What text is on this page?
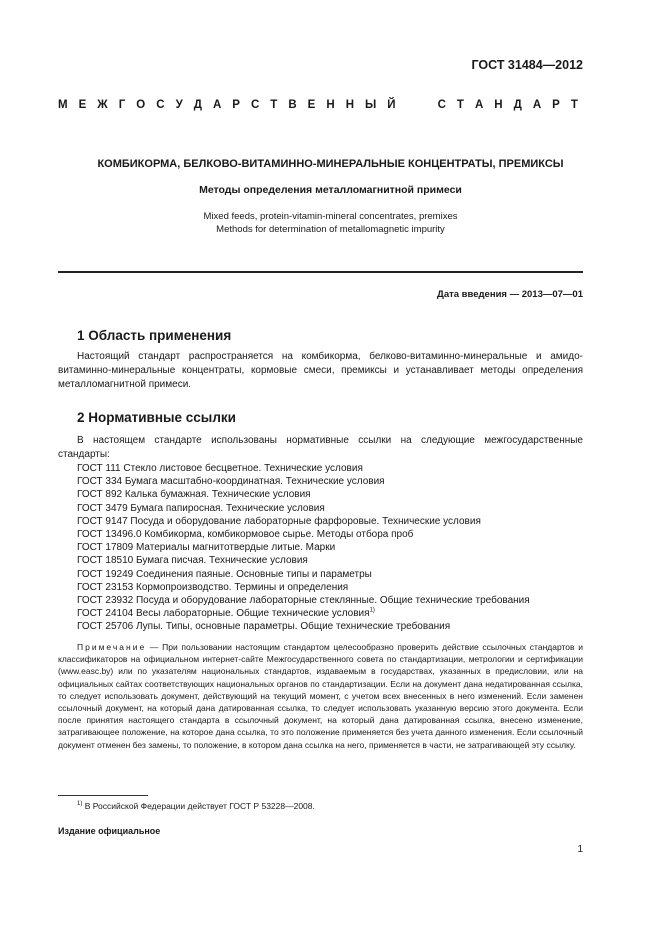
ГОСТ 31484—2012
М Е Ж Г О С У Д А Р С Т В Е Н Н Ы Й	С Т А Н Д А Р Т
КОМБИКОРМА, БЕЛКОВО-ВИТАМИННО-МИНЕРАЛЬНЫЕ КОНЦЕНТРАТЫ, ПРЕМИКСЫ
Методы определения металломагнитной примеси
Mixed feeds, protein-vitamin-mineral concentrates, premixes
Methods for determination of metallomagnetic impurity
Дата введения — 2013—07—01
1 Область применения

Настоящий стандарт распространяется на комбикорма, белково-витаминно-минеральные и амидо-витаминно-минеральные концентраты, кормовые смеси, премиксы и устанавливает методы определения металломагнитной примеси.

2 Нормативные ссылки

В настоящем стандарте использованы нормативные ссылки на следующие межгосударственные стандарты:

ГОСТ 111 Стекло листовое бесцветное. Технические условия
ГОСТ 334 Бумага масштабно-координатная. Технические условия
ГОСТ 892 Калька бумажная. Технические условия
ГОСТ 3479 Бумага папиросная. Технические условия
ГОСТ 9147 Посуда и оборудование лабораторные фарфоровые. Технические условия
ГОСТ 13496.0 Комбикорма, комбикормовое сырье. Методы отбора проб
ГОСТ 17809 Материалы магнитотвердые литые. Марки
ГОСТ 18510 Бумага писчая. Технические условия
ГОСТ 19249 Соединения паяные. Основные типы и параметры
ГОСТ 23153 Кормопроизводство. Термины и определения
ГОСТ 23932 Посуда и оборудование лабораторные стеклянные. Общие технические требования
ГОСТ 24104 Весы лабораторные. Общие технические условия$^{1)}$
ГОСТ 25706 Лупы. Типы, основные параметры. Общие технические требования

Примечание — При пользовании настоящим стандартом целесообразно проверить действие ссылочных стандартов и классификаторов на официальном интернет-сайте Межгосударственного совета по стандартизации, метрологии и сертификации (www.easc.by) или по указателям национальных стандартов, издаваемым в государствах, указанных в предисловии, или на официальных сайтах соответствующих национальных органов по стандартизации. Если на документ дана недатированная ссылка, то следует использовать документ, действующий на текущий момент, с учетом всех внесенных в него изменений. Если заменен ссылочный документ, на который дана датированная ссылка, то следует использовать указанную версию этого документа. Если после принятия настоящего стандарта в ссылочный документ, на который дана датированная ссылка, внесено изменение, затрагивающее положение, на которое дана ссылка, то это положение применяется без учета данного изменения. Если ссылочный документ отменен без замены, то положение, в котором дана ссылка на него, применяется в части, не затрагивающей эту ссылку.

$^{1)}$ В Российской Федерации действует ГОСТ Р 53228—2008.
Издание официальное
1
